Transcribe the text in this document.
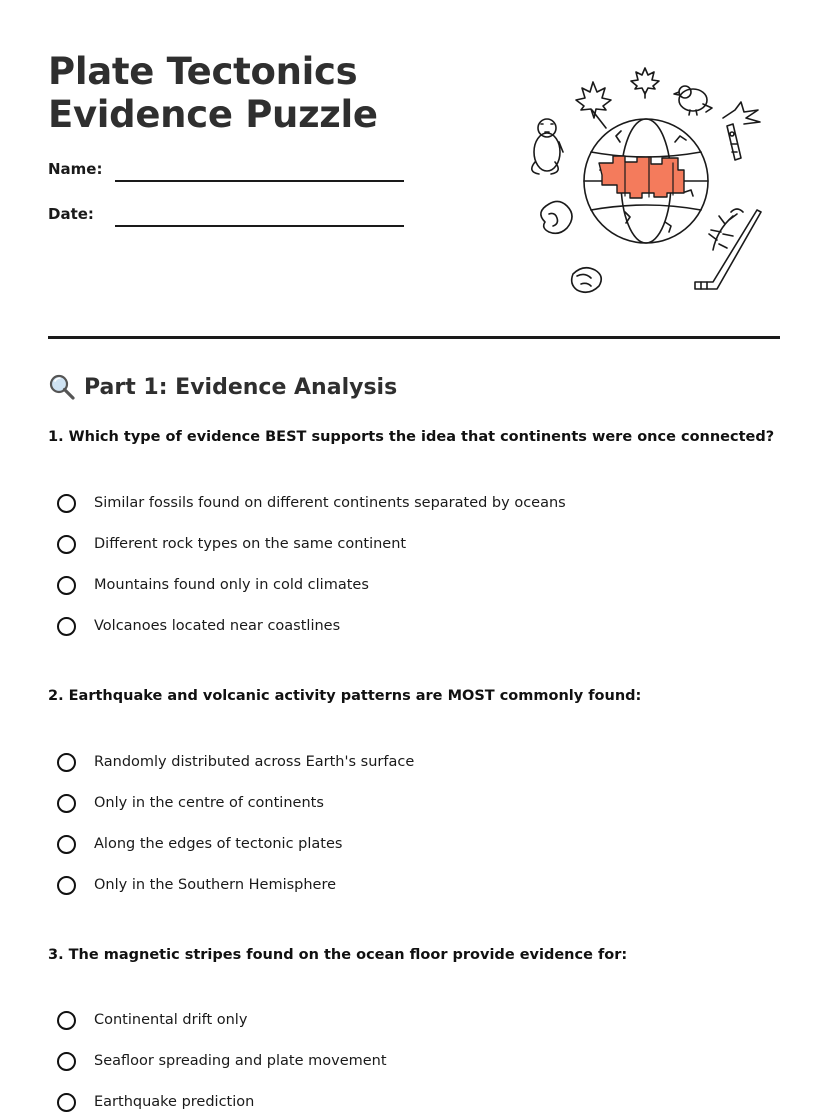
Plate Tectonics Evidence Puzzle
Name:
Date:
Part 1: Evidence Analysis
1. Which type of evidence BEST supports the idea that continents were once connected?
Similar fossils found on different continents separated by oceans
Different rock types on the same continent
Mountains found only in cold climates
Volcanoes located near coastlines
2. Earthquake and volcanic activity patterns are MOST commonly found:
Randomly distributed across Earth's surface
Only in the centre of continents
Along the edges of tectonic plates
Only in the Southern Hemisphere
3. The magnetic stripes found on the ocean floor provide evidence for:
Continental drift only
Seafloor spreading and plate movement
Earthquake prediction
